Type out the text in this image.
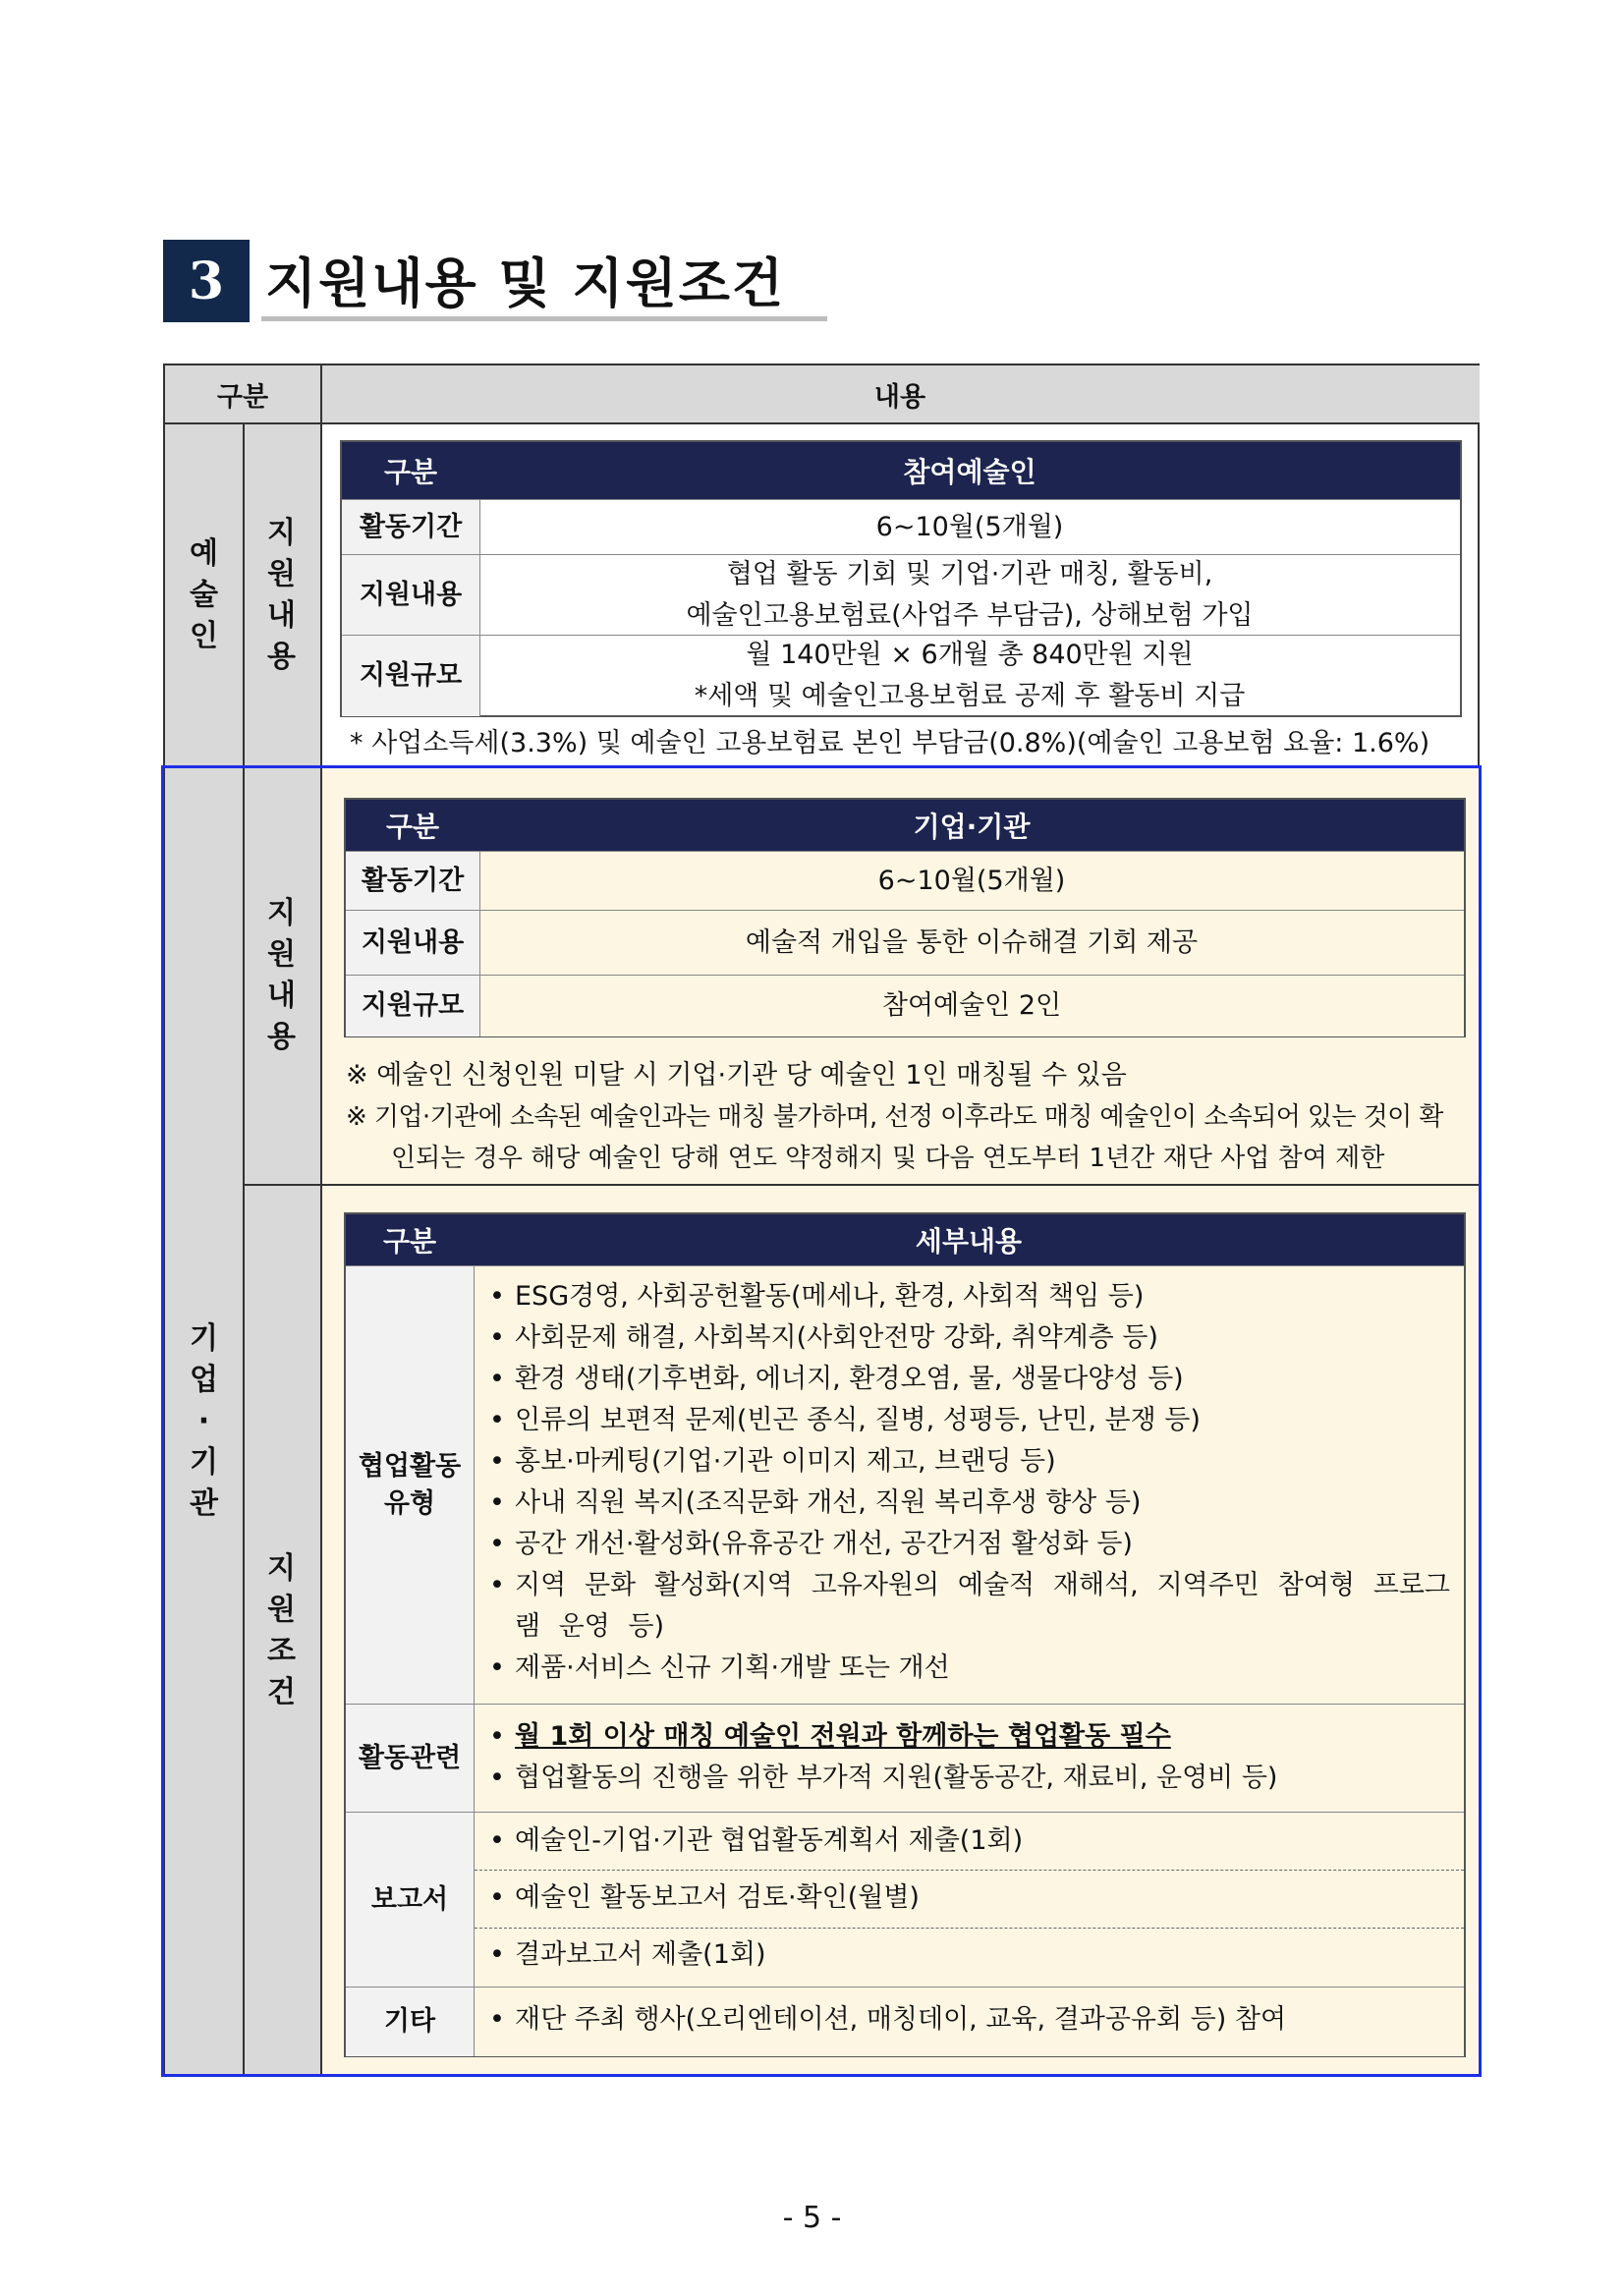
3 지원내용 및 지원조건
구분	내용
예
술
인
지
원
내
용
기
업
·
기
관
지
원
내
용
지
원
조
건
구분	참여예술인
활동기간	6~10월(5개월)
지원내용
협업 활동 기회 및 기업·기관 매칭, 활동비,
예술인고용보험료(사업주 부담금), 상해보험 가입
지원규모
월 140만원 × 6개월 총 840만원 지원
*세액 및 예술인고용보험료 공제 후 활동비 지급
* 사업소득세(3.3%) 및 예술인 고용보험료 본인 부담금(0.8%)(예술인 고용보험 요율: 1.6%)
구분	기업·기관
활동기간	6~10월(5개월)
지원내용	예술적 개입을 통한 이슈해결 기회 제공
지원규모	참여예술인 2인
※ 예술인 신청인원 미달 시 기업·기관 당 예술인 1인 매칭될 수 있음
※ 기업·기관에 소속된 예술인과는 매칭 불가하며, 선정 이후라도 매칭 예술인이 소속되어 있는 것이 확
인되는 경우 해당 예술인 당해 연도 약정해지 및 다음 연도부터 1년간 재단 사업 참여 제한
구분	세부내용
협업활동
유형
• ESG경영, 사회공헌활동(메세나, 환경, 사회적 책임 등)
• 사회문제 해결, 사회복지(사회안전망 강화, 취약계층 등)
• 환경 생태(기후변화, 에너지, 환경오염, 물, 생물다양성 등)
• 인류의 보편적 문제(빈곤 종식, 질병, 성평등, 난민, 분쟁 등)
• 홍보·마케팅(기업·기관 이미지 제고, 브랜딩 등)
• 사내 직원 복지(조직문화 개선, 직원 복리후생 향상 등)
• 공간 개선·활성화(유휴공간 개선, 공간거점 활성화 등)
• 지역 문화 활성화(지역 고유자원의 예술적 재해석, 지역주민 참여형 프로그램 운영 등)
• 제품·서비스 신규 기획·개발 또는 개선
활동관련
• 월 1회 이상 매칭 예술인 전원과 함께하는 협업활동 필수
• 협업활동의 진행을 위한 부가적 지원(활동공간, 재료비, 운영비 등)
보고서
• 예술인-기업·기관 협업활동계획서 제출(1회)
• 예술인 활동보고서 검토·확인(월별)
• 결과보고서 제출(1회)
기타
•	재단 주최 행사(오리엔테이션, 매칭데이, 교육, 결과공유회 등) 참여
- 5 -
